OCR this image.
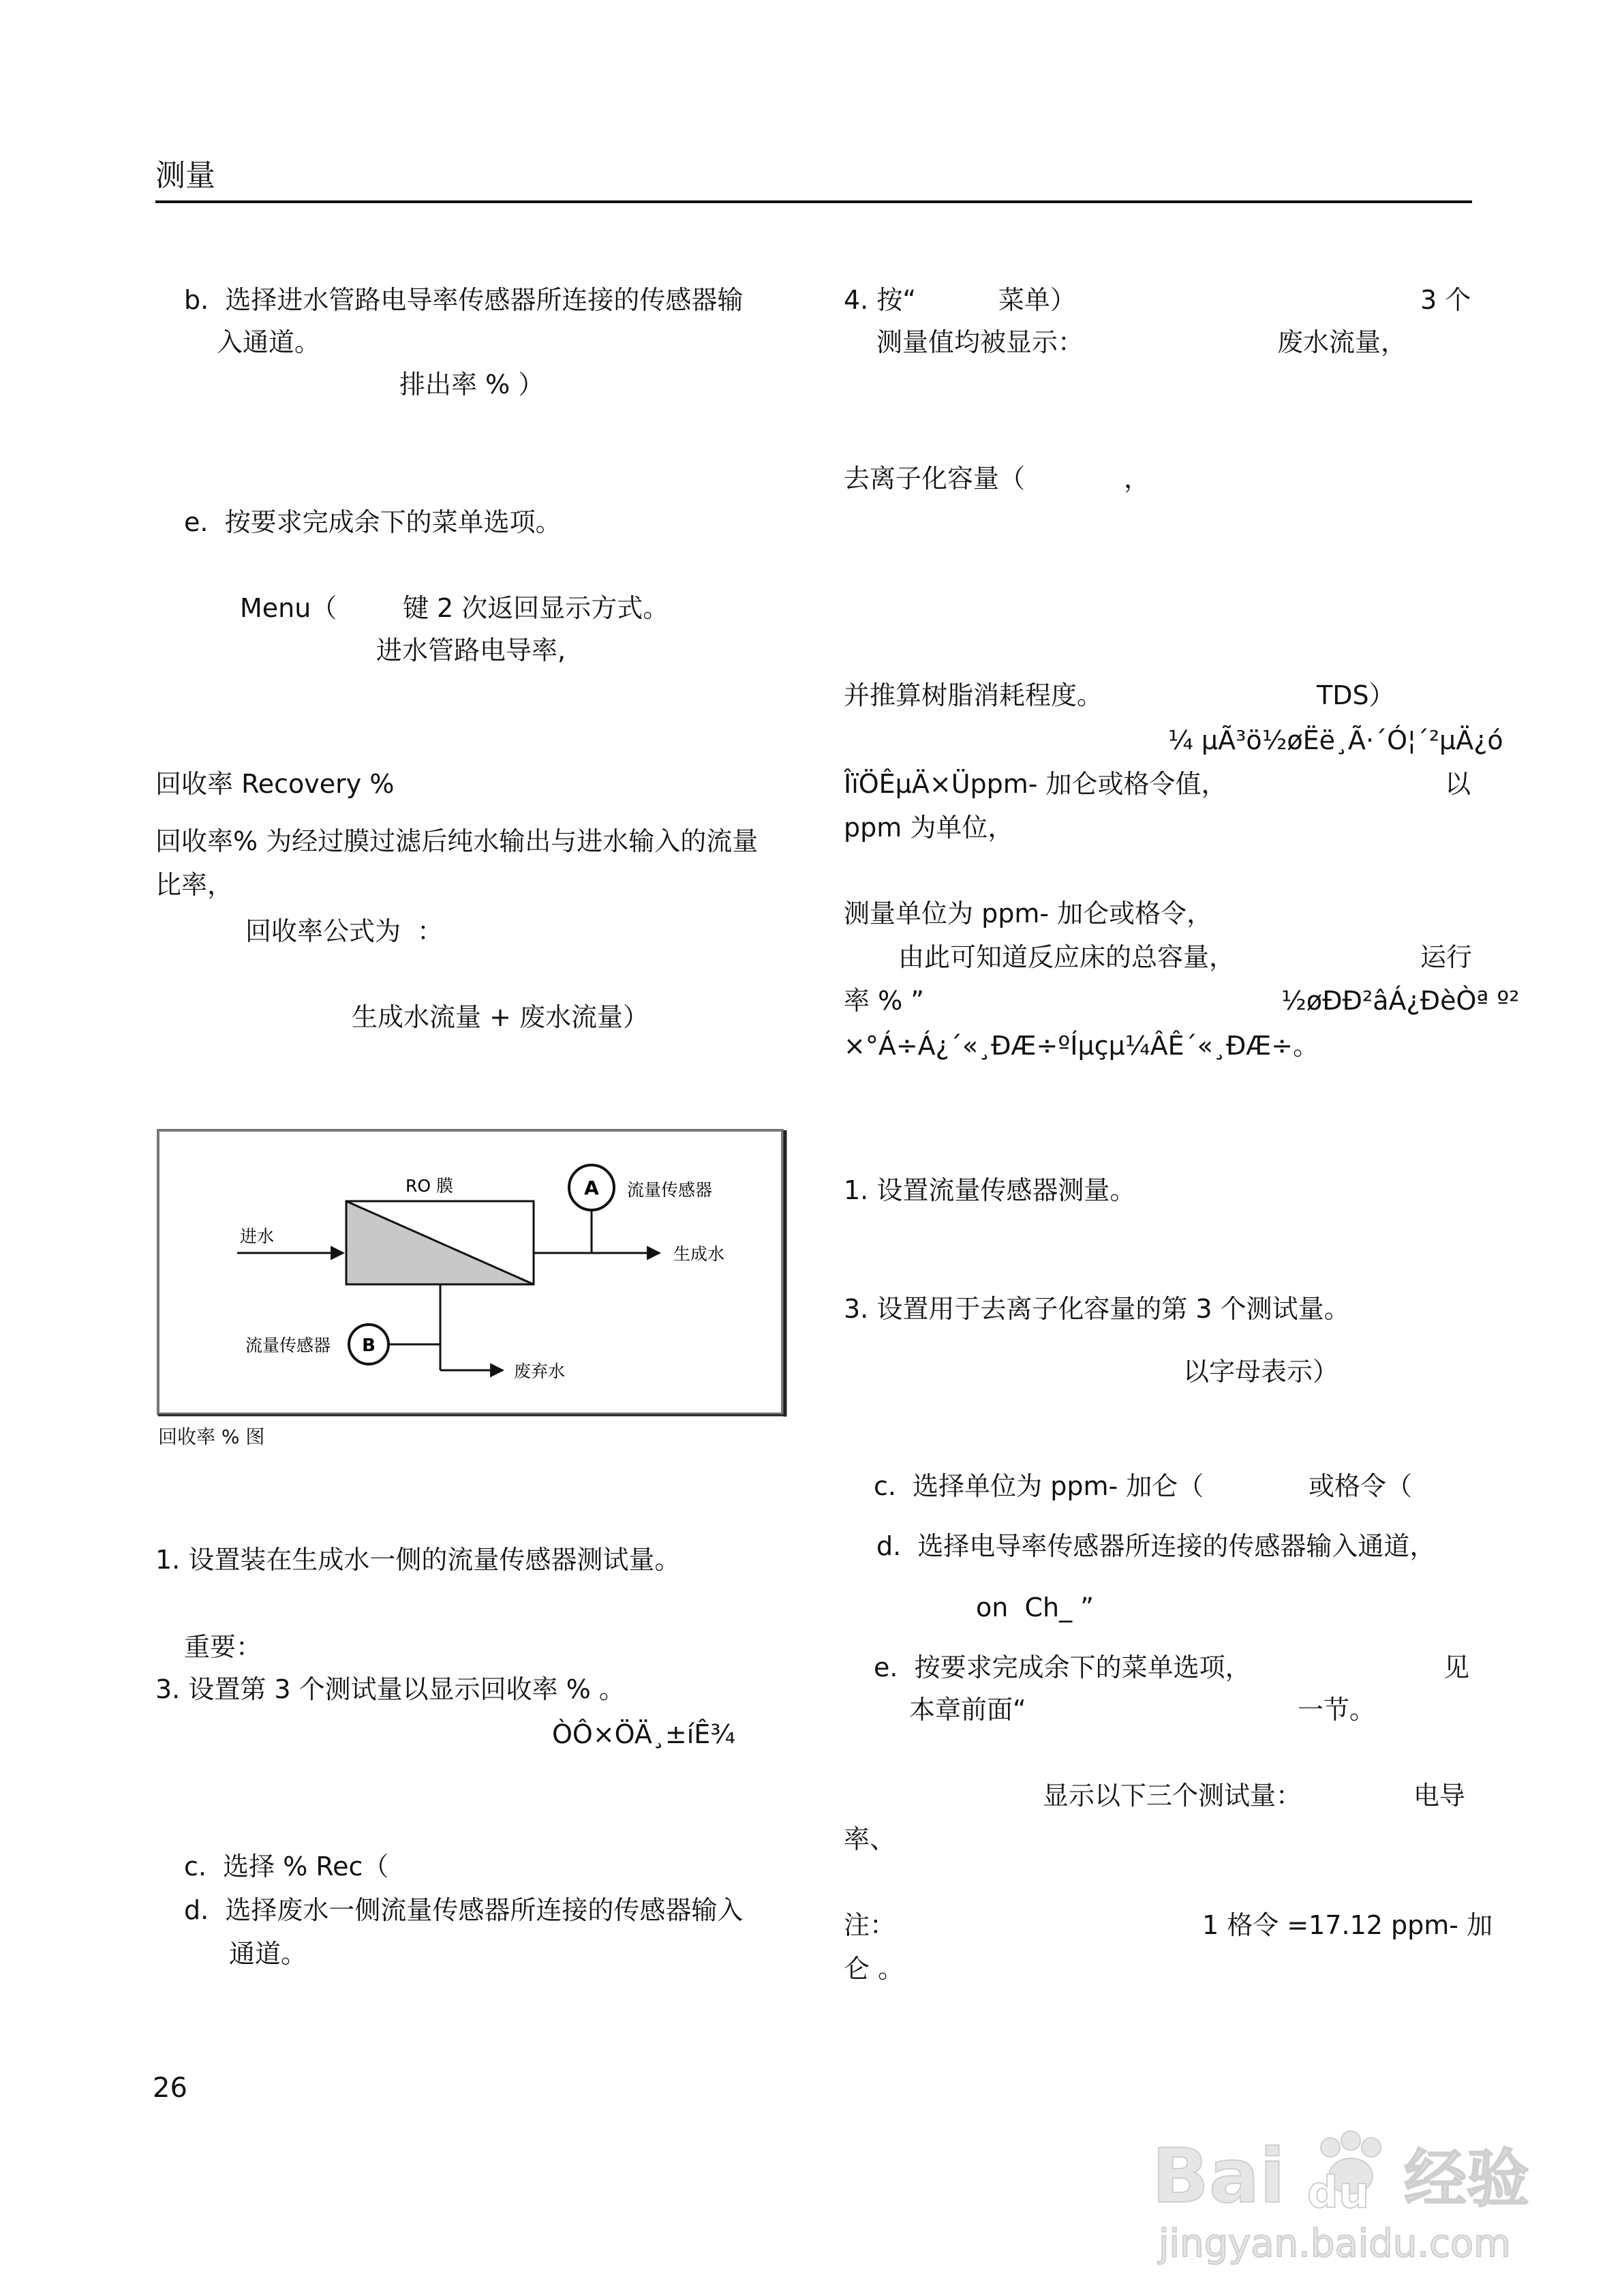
测量
b.  选择进水管路电导率传感器所连接的传感器输
入通道。
排出率 % ）
e.  按要求完成余下的菜单选项。
Menu（        键 2 次返回显示方式。
进水管路电导率,
回收率 Recovery %
回收率% 为经过膜过滤后纯水输出与进水输入的流量
比率，
回收率公式为  ：
生成水流量 + 废水流量）
RO 膜
进水
生成水
废弃水
流量传感器
流量传感器
A
B
回收率 % 图
1. 设置装在生成水一侧的流量传感器测试量。
重要：
3. 设置第 3 个测试量以显示回收率 % 。
ÒÔ×ÖÄ¸±íÊ¾
c.  选择 % Rec（
d.  选择废水一侧流量传感器所连接的传感器输入
通道。
4. 按“          菜单）	3 个
测量值均被显示：	废水流量，
去离子化容量（            ，
并推算树脂消耗程度。	TDS）
¼ µÃ³ö½øËë¸Ã·´Ó¦´²µÄ¿ó
ÎïÖÊµÄ×Üppm- 加仑或格令值，	以
ppm 为单位，
测量单位为 ppm- 加仑或格令，
由此可知道反应床的总容量，	运行
率 % ”	½øÐÐ²âÁ¿ÐèÒª º²
×°Á÷Á¿´«¸ÐÆ÷ºÍµçµ¼ÂÊ´«¸ÐÆ÷。
1. 设置流量传感器测量。
3. 设置用于去离子化容量的第 3 个测试量。
以字母表示）
c.  选择单位为 ppm- 加仑（	或格令（
d.  选择电导率传感器所连接的传感器输入通道，
on  Ch_ ”
e.  按要求完成余下的菜单选项，	见
本章前面“	一节。
显示以下三个测试量：	电导
率、
注：	1 格令 =17.12 ppm- 加
仑 。
26
Bai du 经验
jingyan.baidu.com
